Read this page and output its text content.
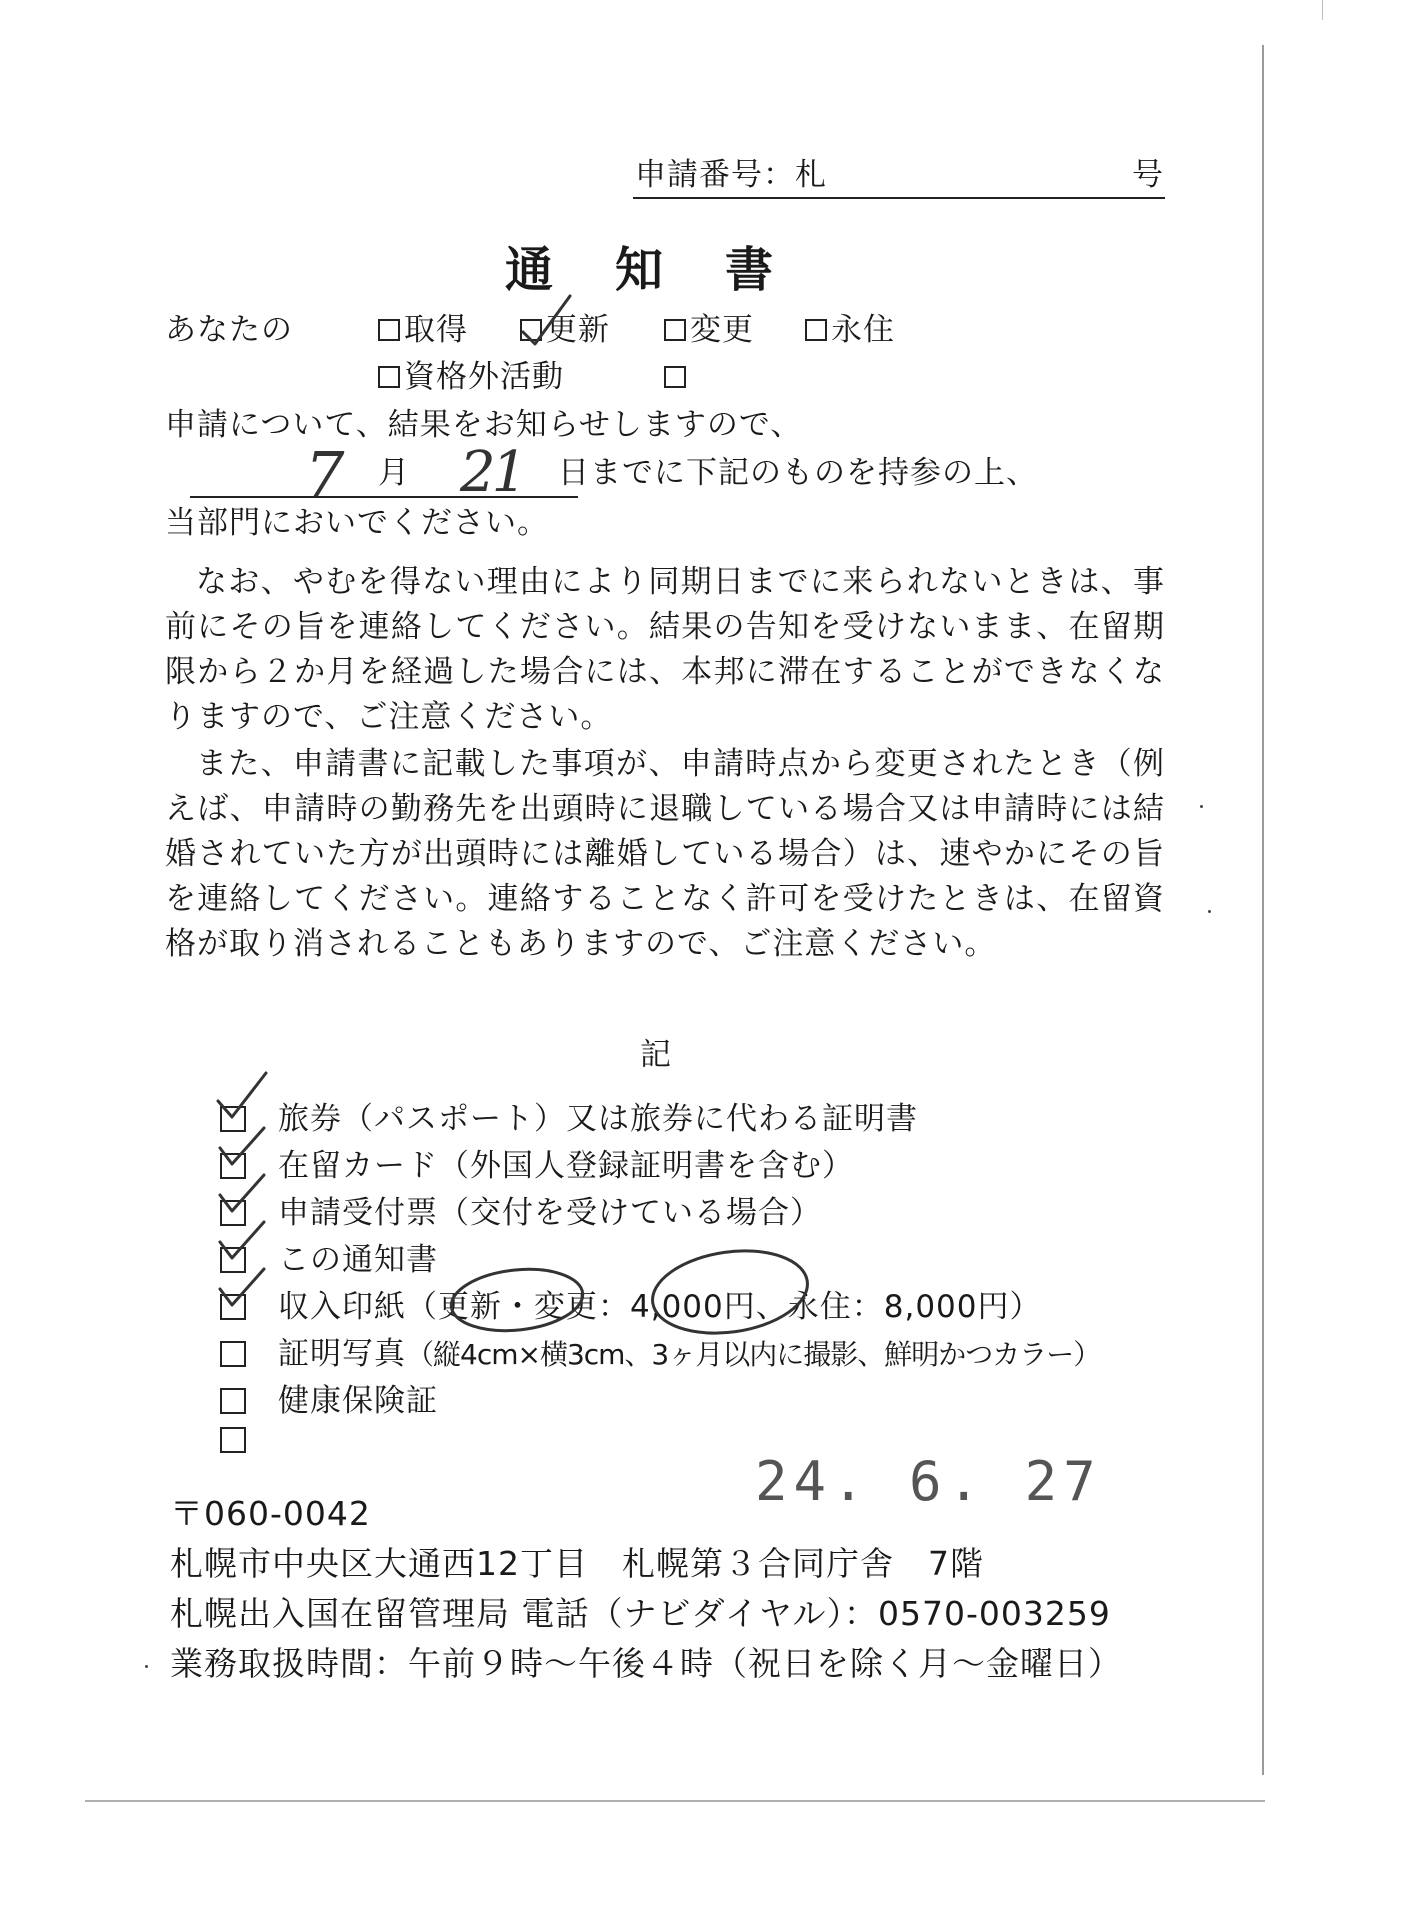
申請番号：札	号
通知書
あなたの	取得	更新	変更	永住
資格外活動
申請について、結果をお知らせしますので、
7 月 21 日までに下記のものを持参の上、
当部門においでください。

なお、やむを得ない理由により同期日までに来られないときは、事前にその旨を連絡してください。結果の告知を受けないまま、在留期限から２か月を経過した場合には、本邦に滞在することができなくなりますので、ご注意ください。

また、申請書に記載した事項が、申請時点から変更されたとき（例えば、申請時の勤務先を出頭時に退職している場合又は申請時には結婚されていた方が出頭時には離婚している場合）は、速やかにその旨を連絡してください。連絡することなく許可を受けたときは、在留資格が取り消されることもありますので、ご注意ください。

記
旅券（パスポート）又は旅券に代わる証明書
在留カード（外国人登録証明書を含む）
申請受付票（交付を受けている場合）
この通知書
収入印紙（更新・変更：4,000円、永住：8,000円）
証明写真（縦4cm×横3cm、3ヶ月以内に撮影、鮮明かつカラー）
健康保険証
24. 6. 27
〒060-0042
札幌市中央区大通西12丁目　札幌第３合同庁舎　7階
札幌出入国在留管理局 電話（ナビダイヤル）：0570-003259
業務取扱時間：午前９時～午後４時（祝日を除く月～金曜日）
